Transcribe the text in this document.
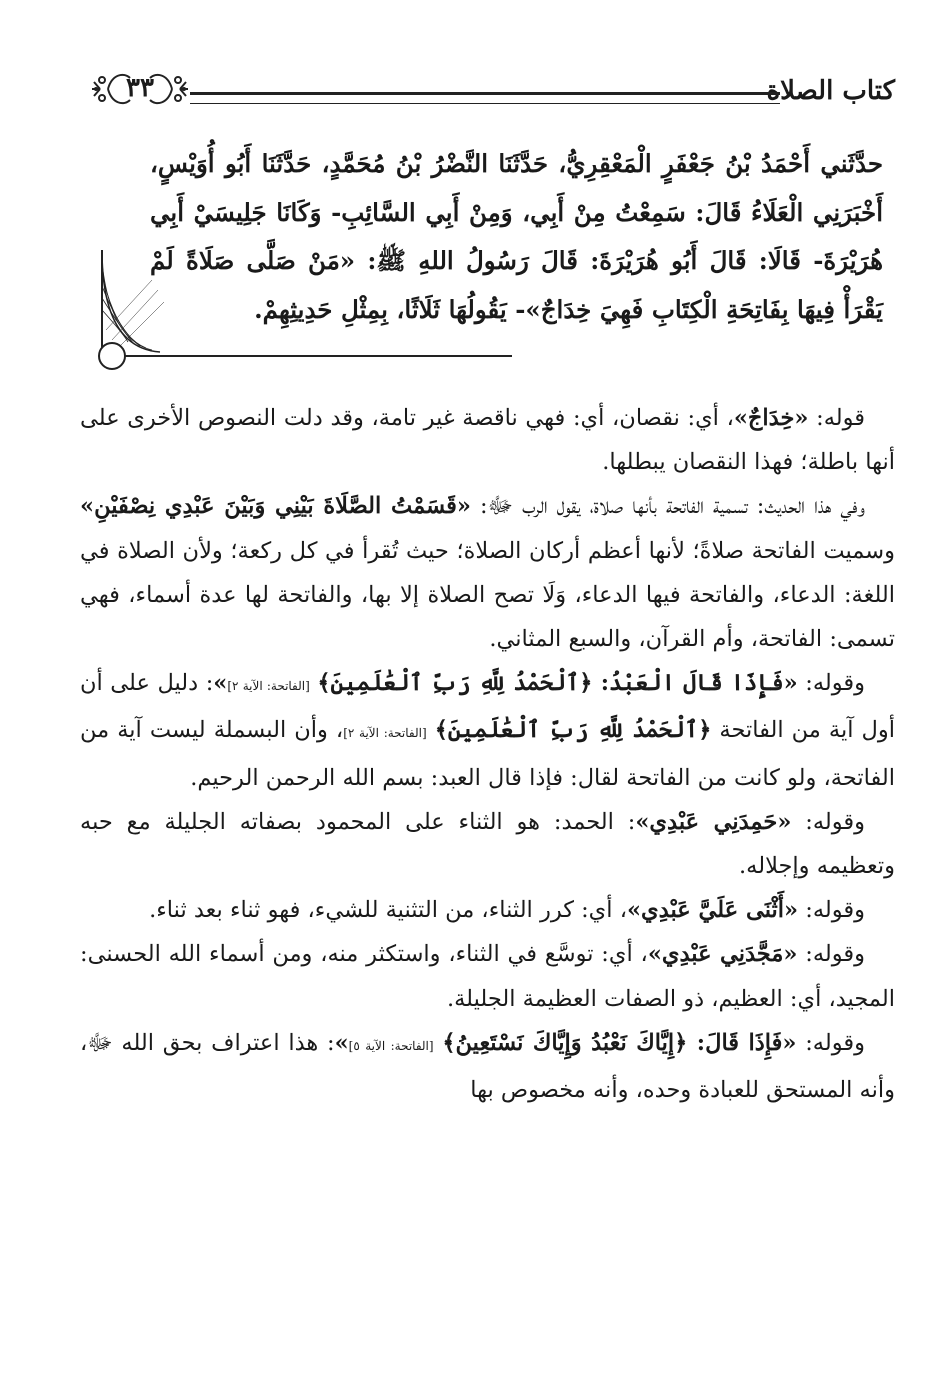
كتاب الصلاة
٣٣
حدَّثَني أَحْمَدُ بْنُ جَعْفَرٍ الْمَعْقِرِيُّ، حَدَّثَنَا النَّضْرُ بْنُ مُحَمَّدٍ، حَدَّثَنَا أَبُو أُوَيْسٍ، أَخْبَرَنِي الْعَلَاءُ قَالَ: سَمِعْتُ مِنْ أَبِي، وَمِنْ أَبِي السَّائِبِ- وَكَانَا جَلِيسَيْ أَبِي هُرَيْرَةَ- قَالَا: قَالَ أَبُو هُرَيْرَةَ: قَالَ رَسُولُ اللهِ ﷺ: «مَنْ صَلَّى صَلَاةً لَمْ يَقْرَأْ فِيهَا بِفَاتِحَةِ الْكِتَابِ فَهِيَ خِدَاجٌ»- يَقُولُهَا ثَلَاثًا، بِمِثْلِ حَدِيثِهِمْ.

قوله: «خِدَاجٌ»، أي: نقصان، أي: فهي ناقصة غير تامة، وقد دلت النصوص الأخرى على أنها باطلة؛ فهذا النقصان يبطلها.

وفي هذا الحديث: تسمية الفاتحة بأنها صلاة، يقول الرب ﷻ: «قَسَمْتُ الصَّلَاةَ بَيْنِي وَبَيْنَ عَبْدِي نِصْفَيْنِ» وسميت الفاتحة صلاةً؛ لأنها أعظم أركان الصلاة؛ حيث تُقرأ في كل ركعة؛ ولأن الصلاة في اللغة: الدعاء، والفاتحة فيها الدعاء، وَلَا تصح الصلاة إلا بها، والفاتحة لها عدة أسماء، فهي تسمى: الفاتحة، وأم القرآن، والسبع المثاني.

وقوله: «فَإِذَا قَالَ الْعَبْدُ: ﴿ٱلْحَمْدُ لِلَّهِ رَبِّ ٱلْعَٰلَمِينَ﴾ [الفاتحة: الآية ٢]»: دليل على أن أول آية من الفاتحة ﴿ٱلْحَمْدُ لِلَّهِ رَبِّ ٱلْعَٰلَمِينَ﴾ [الفاتحة: الآية ٢]، وأن البسملة ليست آية من الفاتحة، ولو كانت من الفاتحة لقال: فإذا قال العبد: بسم الله الرحمن الرحيم.

وقوله: «حَمِدَنِي عَبْدِي»: الحمد: هو الثناء على المحمود بصفاته الجليلة مع حبه وتعظيمه وإجلاله.

وقوله: «أَثْنَى عَلَيَّ عَبْدِي»، أي: كرر الثناء، من التثنية للشيء، فهو ثناء بعد ثناء.

وقوله: «مَجَّدَنِي عَبْدِي»، أي: توسَّع في الثناء، واستكثر منه، ومن أسماء الله الحسنى: المجيد، أي: العظيم، ذو الصفات العظيمة الجليلة.

وقوله: «فَإِذَا قَالَ: ﴿إِيَّاكَ نَعْبُدُ وَإِيَّاكَ نَسْتَعِينُ﴾ [الفاتحة: الآية ٥]»: هذا اعتراف بحق الله ﷻ، وأنه المستحق للعبادة وحده، وأنه مخصوص بها
